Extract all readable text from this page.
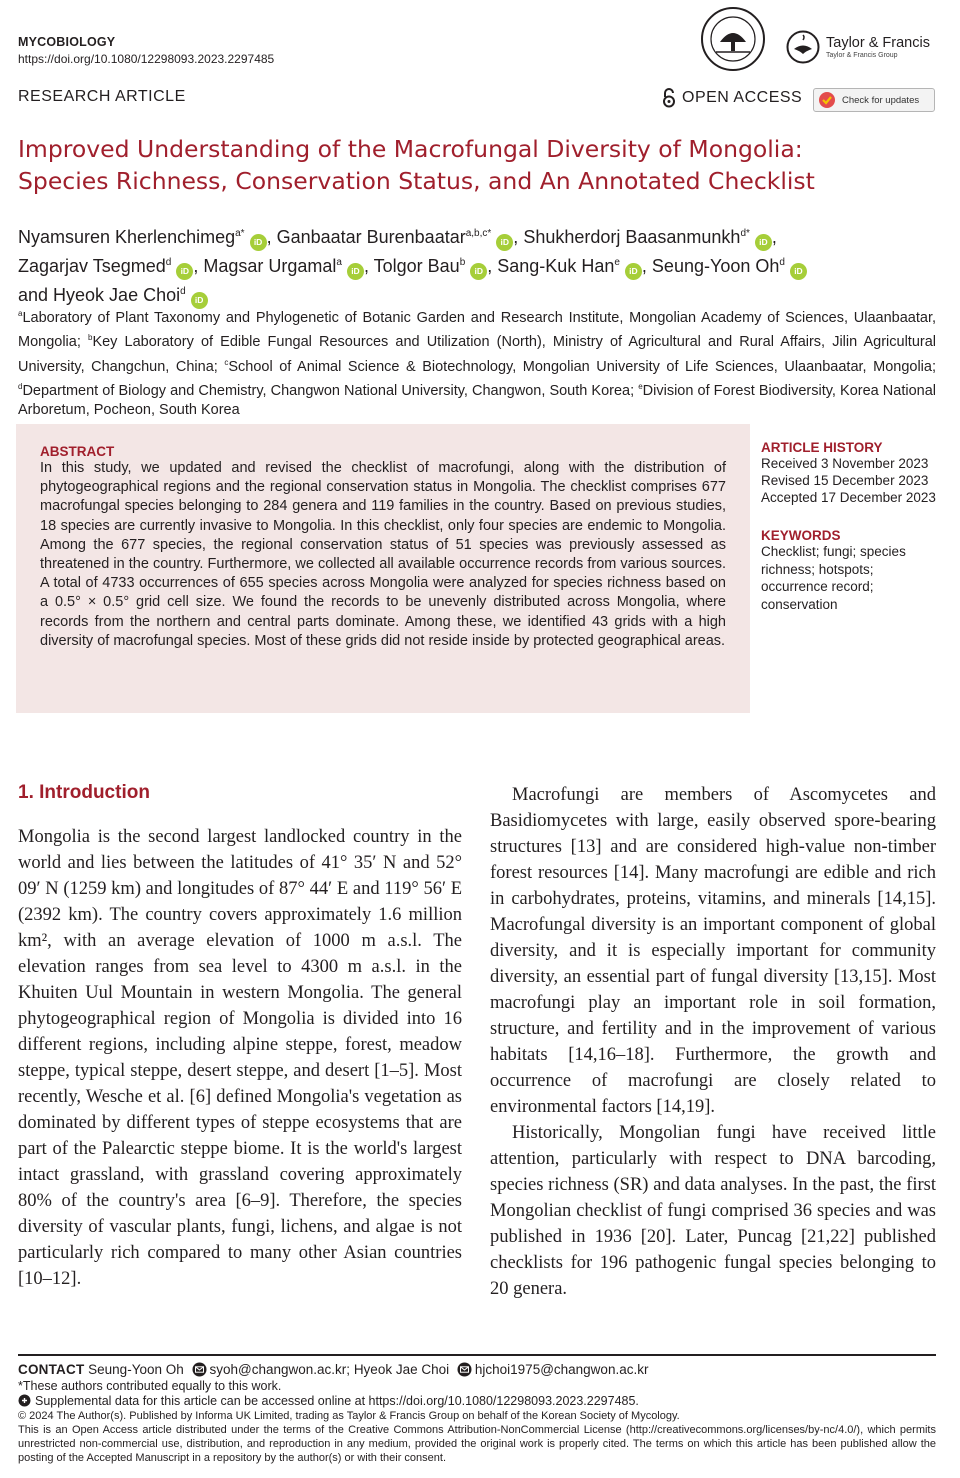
MYCOBIOLOGY
https://doi.org/10.1080/12298093.2023.2297485
Taylor & Francis
Taylor & Francis Group
RESEARCH ARTICLE	OPEN ACCESS	Check for updates
Improved Understanding of the Macrofungal Diversity of Mongolia:
Species Richness, Conservation Status, and An Annotated Checklist
Nyamsuren Kherlenchimeg$^{a*}$iD , Ganbaatar Burenbaatar$^{a,b,c*}$iD , Shukherdorj Baasanmunkh$^{d*}$iD ,
Zagarjav Tsegmed$^d$iD , Magsar Urgamal$^a$iD , Tolgor Bau$^b$iD , Sang-Kuk Han$^e$iD , Seung-Yoon Oh$^d$iD
and Hyeok Jae Choi$^d$iD
$^a$Laboratory of Plant Taxonomy and Phylogenetic of Botanic Garden and Research Institute, Mongolian Academy of Sciences, Ulaanbaatar, Mongolia; $^b$Key Laboratory of Edible Fungal Resources and Utilization (North), Ministry of Agricultural and Rural Affairs, Jilin Agricultural University, Changchun, China; $^c$School of Animal Science & Biotechnology, Mongolian University of Life Sciences, Ulaanbaatar, Mongolia; $^d$Department of Biology and Chemistry, Changwon National University, Changwon, South Korea; $^e$Division of Forest Biodiversity, Korea National Arboretum, Pocheon, South Korea
ABSTRACT
In this study, we updated and revised the checklist of macrofungi, along with the distribution of phytogeographical regions and the regional conservation status in Mongolia. The checklist comprises 677 macrofungal species belonging to 284 genera and 119 families in the country. Based on previous studies, 18 species are currently invasive to Mongolia. In this checklist, only four species are endemic to Mongolia. Among the 677 species, the regional conservation status of 51 species was previously assessed as threatened in the country. Furthermore, we collected all available occurrence records from various sources. A total of 4733 occurrences of 655 species across Mongolia were analyzed for species richness based on a 0.5° × 0.5° grid cell size. We found the records to be unevenly distributed across Mongolia, where records from the northern and central parts dominate. Among these, we identified 43 grids with a high diversity of macrofungal species. Most of these grids did not reside inside by protected geographical areas.
ARTICLE HISTORY
Received 3 November 2023
Revised 15 December 2023
Accepted 17 December 2023
KEYWORDS
Checklist; fungi; species richness; hotspots; occurrence record; conservation
1. Introduction

Mongolia is the second largest landlocked country in the world and lies between the latitudes of 41° 35′ N and 52° 09′ N (1259 km) and longitudes of 87° 44′ E and 119° 56′ E (2392 km). The country covers approximately 1.6 million km², with an average elevation of 1000 m a.s.l. The elevation ranges from sea level to 4300 m a.s.l. in the Khuiten Uul Mountain in western Mongolia. The general phytogeographical region of Mongolia is divided into 16 different regions, including alpine steppe, forest, meadow steppe, typical steppe, desert steppe, and desert [1–5]. Most recently, Wesche et al. [6] defined Mongolia's vegetation as dominated by different types of steppe ecosystems that are part of the Palearctic steppe biome. It is the world's largest intact grassland, with grassland covering approximately 80% of the country's area [6–9]. Therefore, the species diversity of vascular plants, fungi, lichens, and algae is not particularly rich compared to many other Asian countries [10–12].

Macrofungi are members of Ascomycetes and Basidiomycetes with large, easily observed spore-bearing structures [13] and are considered high-value non-timber forest resources [14]. Many macrofungi are edible and rich in carbohydrates, proteins, vitamins, and minerals [14,15]. Macrofungal diversity is an important component of global diversity, and it is especially important for community diversity, an essential part of fungal diversity [13,15]. Most macrofungi play an important role in soil formation, structure, and fertility and in the improvement of various habitats [14,16–18]. Furthermore, the growth and occurrence of macrofungi are closely related to environmental factors [14,19].

Historically, Mongolian fungi have received little attention, particularly with respect to DNA barcoding, species richness (SR) and data analyses. In the past, the first Mongolian checklist of fungi comprised 36 species and was published in 1936 [20]. Later, Puncag [21,22] published checklists for 196 pathogenic fungal species belonging to 20 genera.

CONTACT Seung-Yoon Oh syoh@changwon.ac.kr; Hyeok Jae Choi hjchoi1975@changwon.ac.kr
*These authors contributed equally to this work.
Supplemental data for this article can be accessed online at https://doi.org/10.1080/12298093.2023.2297485.
© 2024 The Author(s). Published by Informa UK Limited, trading as Taylor & Francis Group on behalf of the Korean Society of Mycology.
This is an Open Access article distributed under the terms of the Creative Commons Attribution-NonCommercial License (http://creativecommons.org/licenses/by-nc/4.0/), which permits unrestricted non-commercial use, distribution, and reproduction in any medium, provided the original work is properly cited. The terms on which this article has been published allow the posting of the Accepted Manuscript in a repository by the author(s) or with their consent.
